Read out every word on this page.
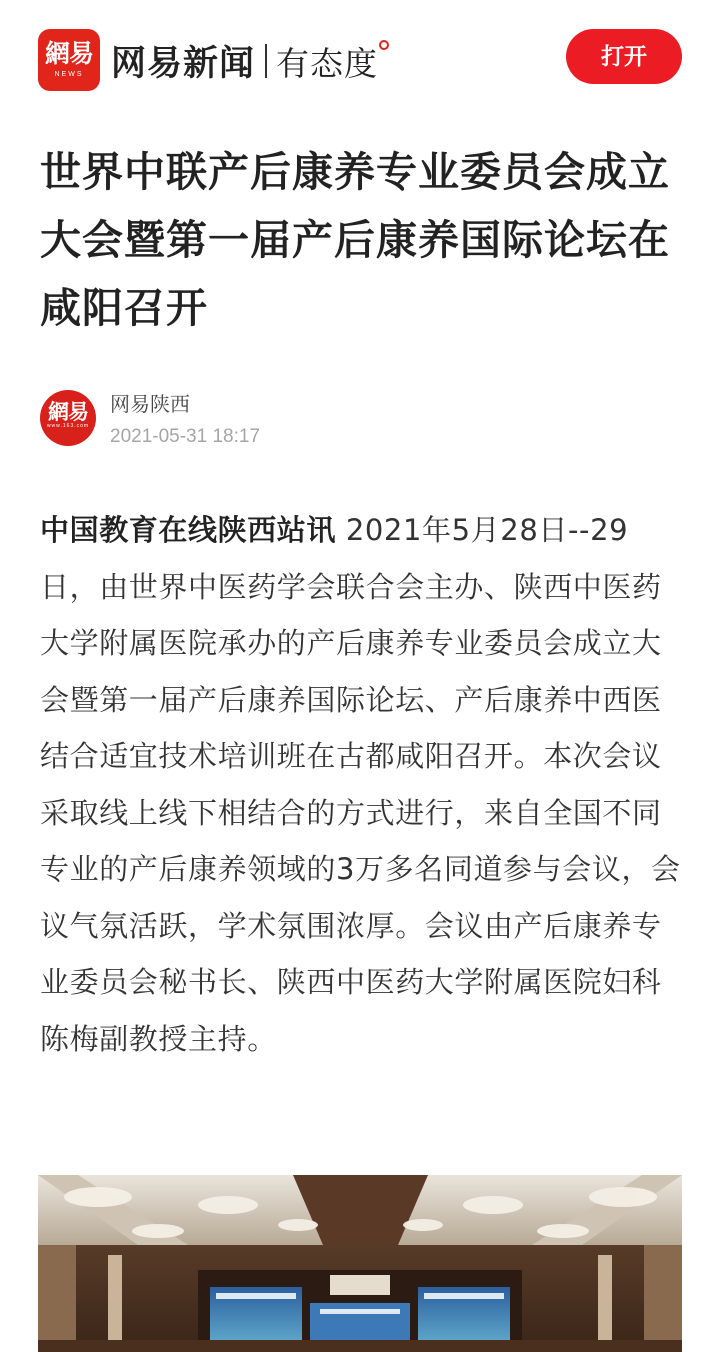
網易
NEWS 网易新闻 有态度	打开
世界中联产后康养专业委员会成立大会暨第一届产后康养国际论坛在咸阳召开
網易
www.163.com
网易陕西
2021-05-31 18:17

中国教育在线陕西站讯 2021年5月28日--29日，由世界中医药学会联合会主办、陕西中医药大学附属医院承办的产后康养专业委员会成立大会暨第一届产后康养国际论坛、产后康养中西医结合适宜技术培训班在古都咸阳召开。本次会议采取线上线下相结合的方式进行，来自全国不同专业的产后康养领域的3万多名同道参与会议，会议气氛活跃，学术氛围浓厚。会议由产后康养专业委员会秘书长、陕西中医药大学附属医院妇科陈梅副教授主持。
